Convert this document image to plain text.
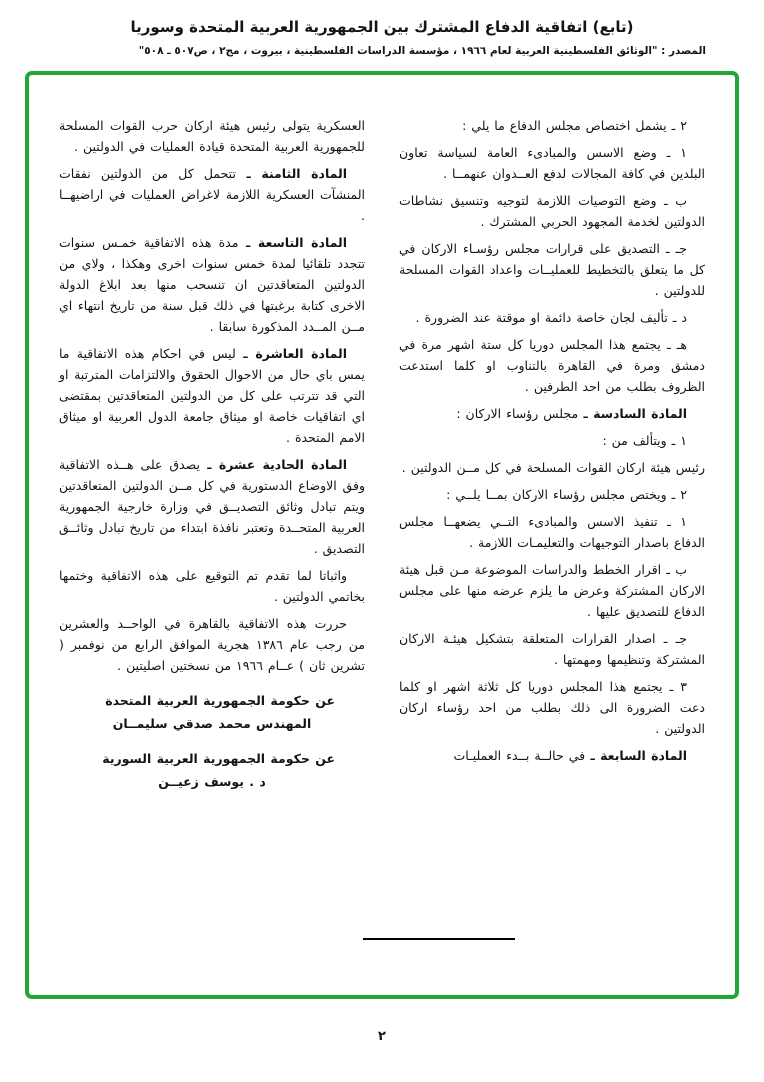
(تابع) اتفاقية الدفاع المشترك بين الجمهورية العربية المتحدة وسوريا
المصدر : "الوثائق الفلسطينية العربية لعام ١٩٦٦ ، مؤسسة الدراسات الفلسطينية ، بيروت ، مج٢ ، ص٥٠٧ ـ ٥٠٨"

٢ ـ يشمل اختصاص مجلس الدفاع ما يلي :

١ ـ وضع الاسس والمبادىء العامة لسياسة تعاون البلدين في كافة المجالات لدفع العــدوان عنهمــا .

ب ـ وضع التوصيات اللازمة لتوجيه وتنسيق نشاطات الدولتين لخدمة المجهود الحربي المشترك .

جـ ـ التصديق على قرارات مجلس رؤسـاء الاركان في كل ما يتعلق بالتخطيط للعمليــات واعداد القوات المسلحة للدولتين .

د ـ تأليف لجان خاصة دائمة او موقتة عند الضرورة .

هـ ـ يجتمع هذا المجلس دوريا كل ستة اشهر مرة في دمشق ومرة في القاهرة بالتناوب او كلما استدعت الظروف بطلب من احد الطرفين .

المادة السادسة ـ مجلس رؤساء الاركان :

١ ـ ويتألف من :

رئيس هيئة اركان القوات المسلحة في كل مــن الدولتين .

٢ ـ ويختص مجلس رؤساء الاركان بمــا يلــي :

١ ـ تنفيذ الاسس والمبادىء التــي يضعهــا مجلس الدفاع باصدار التوجيهات والتعليمـات اللازمة .

ب ـ اقرار الخطط والدراسات الموضوعة مـن قبل هيئة الاركان المشتركة وعرض ما يلزم عرضه منها على مجلس الدفاع للتصديق عليها .

جـ ـ اصدار القرارات المتعلقة بتشكيل هيئـة الاركان المشتركة وتنظيمها ومهمتها .

٣ ـ يجتمع هذا المجلس دوريا كل ثلاثة اشهر او كلما دعت الضرورة الى ذلك بطلب من احد رؤساء اركان الدولتين .

المادة السابعة ـ في حالــة بــدء العمليـات

العسكرية يتولى رئيس هيئة اركان حرب القوات المسلحة للجمهورية العربية المتحدة قيادة العمليات في الدولتين .

المادة الثامنة ـ تتحمل كل من الدولتين نفقات المنشآت العسكرية اللازمة لاغراض العمليات في اراضيهــا .

المادة التاسعة ـ مدة هذه الاتفاقية خمـس سنوات تتجدد تلقائيا لمدة خمس سنوات اخرى وهكذا ، ولاي من الدولتين المتعاقدتين ان تنسحب منها بعد ابلاغ الدولة الاخرى كتابة برغبتها في ذلك قبل سنة من تاريخ انتهاء اي مــن المــدد المذكورة سابقا .

المادة العاشرة ـ ليس في احكام هذه الاتفاقية ما يمس باي حال من الاحوال الحقوق والالتزامات المترتبة او التي قد تترتب على كل من الدولتين المتعاقدتين بمقتضى اي اتفاقيات خاصة او ميثاق جامعة الدول العربية او ميثاق الامم المتحدة .

المادة الحادية عشرة ـ يصدق على هــذه الاتفاقية وفق الاوضاع الدستورية في كل مــن الدولتين المتعاقدتين ويتم تبادل وثائق التصديــق في وزارة خارجية الجمهورية العربية المتحــدة وتعتبر نافذة ابتداء من تاريخ تبادل وثائــق التصديق .

واثباتا لما تقدم تم التوقيع على هذه الاتفاقية وختمها بخاتمي الدولتين .

حررت هذه الاتفاقية بالقاهرة في الواحــد والعشرين من رجب عام ١٣٨٦ هجرية الموافق الرابع من نوفمبر ( تشرين ثان ) عــام ١٩٦٦ من نسختين اصليتين .

عن حكومة الجمهورية العربية المتحدة

المهندس محمد صدقي سليمــان

عن حكومة الجمهورية العربية السورية

د . يوسف زعيــن

٢
